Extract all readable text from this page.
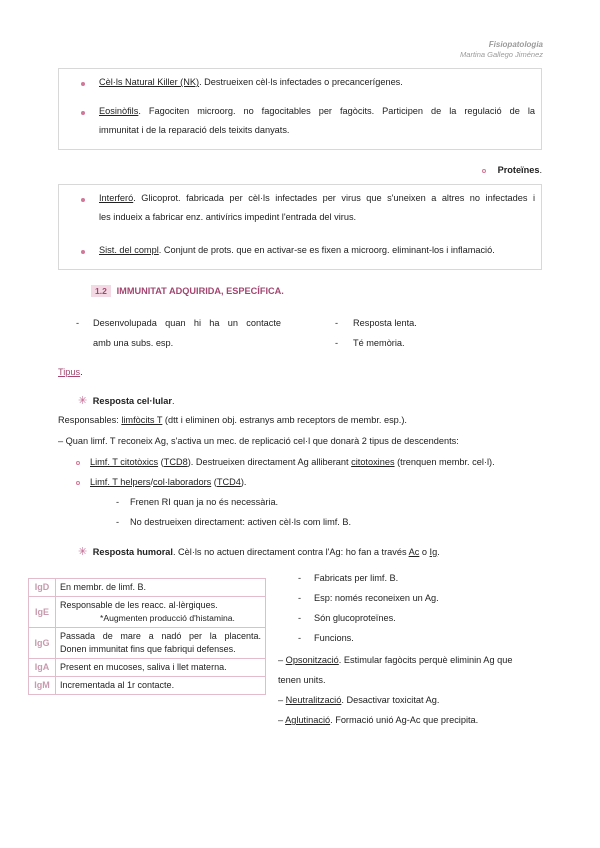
Fisiopatologia
Martina Gallego Jiménez
Cèl·ls Natural Killer (NK). Destrueixen cèl·ls infectades o precancerígenes.
Eosinòfils. Fagociten microorg. no fagocitables per fagòcits. Participen de la regulació de la
immunitat i de la reparació dels teixits danyats.
Proteïnes.
Interferó. Glicoprot. fabricada per cèl·ls infectades per virus que s'uneixen a altres no infectades i
les indueix a fabricar enz. antivírics impedint l'entrada del virus.
Sist. del compl. Conjunt de prots. que en activar-se es fixen a microorg. eliminant-los i inflamació.
1.2 IMMUNITAT ADQUIRIDA, ESPECÍFICA.
- Desenvolupada quan hi ha un contacte
amb una subs. esp.
- Resposta lenta.
- Té memòria.
Tipus.
✳ Resposta cel·lular.
Responsables: limfòcits T (dtt i eliminen obj. estranys amb receptors de membr. esp.).
– Quan limf. T reconeix Ag, s'activa un mec. de replicació cel·l que donarà 2 tipus de descendents:
Limf. T citotòxics (TCD8). Destrueixen directament Ag alliberant citotoxines (trenquen membr. cel·l).
Limf. T helpers/col·laboradors (TCD4).
- Frenen RI quan ja no és necessària.
- No destrueixen directament: activen cèl·ls com limf. B.
✳ Resposta humoral. Cèl·ls no actuen directament contra l'Ag: ho fan a través Ac o Ig.
IgD	En membr. de limf. B.
IgE	Responsable de les reacc. al·lèrgiques.
*Augmenten producció d'histamina.

IgG	Passada de mare a nadó per la placenta.
Donen immunitat fins que fabriqui defenses.

IgA	Present en mucoses, saliva i llet materna.
IgM	Incrementada al 1r contacte.
- Fabricats per limf. B.
- Esp: només reconeixen un Ag.
- Són glucoproteïnes.
- Funcions.
– Opsonització. Estimular fagòcits perquè eliminin Ag que
tenen units.
– Neutralització. Desactivar toxicitat Ag.
– Aglutinació. Formació unió Ag-Ac que precipita.
